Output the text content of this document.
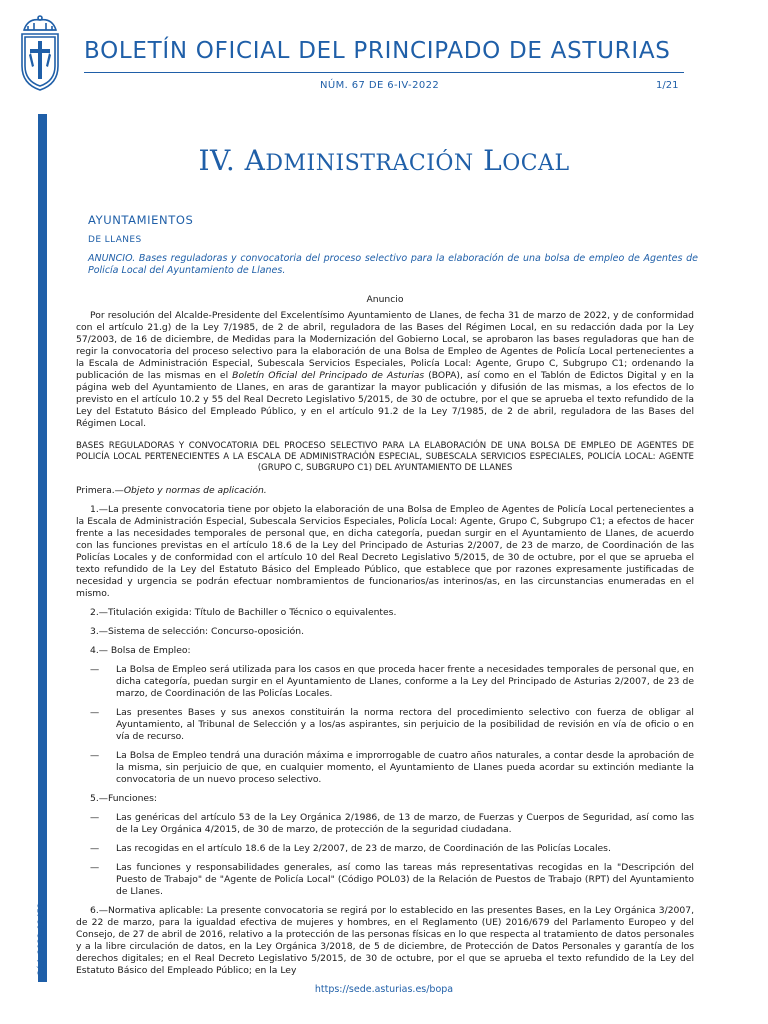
BOLETÍN OFICIAL DEL PRINCIPADO DE ASTURIAS
NÚM. 67 DE 6-IV-2022	1/21
Cód. 2022-02452
IV. ADMINISTRACIÓN LOCAL
AYUNTAMIENTOS
DE LLANES
ANUNCIO. Bases reguladoras y convocatoria del proceso selectivo para la elaboración de una bolsa de empleo de Agentes de Policía Local del Ayuntamiento de Llanes.

Anuncio

Por resolución del Alcalde-Presidente del Excelentísimo Ayuntamiento de Llanes, de fecha 31 de marzo de 2022, y de conformidad con el artículo 21.g) de la Ley 7/1985, de 2 de abril, reguladora de las Bases del Régimen Local, en su redacción dada por la Ley 57/2003, de 16 de diciembre, de Medidas para la Modernización del Gobierno Local, se aprobaron las bases reguladoras que han de regir la convocatoria del proceso selectivo para la elaboración de una Bolsa de Empleo de Agentes de Policía Local pertenecientes a la Escala de Administración Especial, Subescala Servicios Especiales, Policía Local: Agente, Grupo C, Subgrupo C1; ordenando la publicación de las mismas en el Boletín Oficial del Principado de Asturias (BOPA), así como en el Tablón de Edictos Digital y en la página web del Ayuntamiento de Llanes, en aras de garantizar la mayor publicación y difusión de las mismas, a los efectos de lo previsto en el artículo 10.2 y 55 del Real Decreto Legislativo 5/2015, de 30 de octubre, por el que se aprueba el texto refundido de la Ley del Estatuto Básico del Empleado Público, y en el artículo 91.2 de la Ley 7/1985, de 2 de abril, reguladora de las Bases del Régimen Local.

BASES REGULADORAS Y CONVOCATORIA DEL PROCESO SELECTIVO PARA LA ELABORACIÓN DE UNA BOLSA DE EMPLEO DE AGENTES DE POLICÍA LOCAL PERTENECIENTES A LA ESCALA DE ADMINISTRACIÓN ESPECIAL, SUBESCALA SERVICIOS ESPECIALES, POLICÍA LOCAL: AGENTE (GRUPO C, SUBGRUPO C1) DEL AYUNTAMIENTO DE LLANES

Primera.—Objeto y normas de aplicación.

1.—La presente convocatoria tiene por objeto la elaboración de una Bolsa de Empleo de Agentes de Policía Local pertenecientes a la Escala de Administración Especial, Subescala Servicios Especiales, Policía Local: Agente, Grupo C, Subgrupo C1; a efectos de hacer frente a las necesidades temporales de personal que, en dicha categoría, puedan surgir en el Ayuntamiento de Llanes, de acuerdo con las funciones previstas en el artículo 18.6 de la Ley del Principado de Asturias 2/2007, de 23 de marzo, de Coordinación de las Policías Locales y de conformidad con el artículo 10 del Real Decreto Legislativo 5/2015, de 30 de octubre, por el que se aprueba el texto refundido de la Ley del Estatuto Básico del Empleado Público, que establece que por razones expresamente justificadas de necesidad y urgencia se podrán efectuar nombramientos de funcionarios/as interinos/as, en las circunstancias enumeradas en el mismo.

2.—Titulación exigida: Título de Bachiller o Técnico o equivalentes.

3.—Sistema de selección: Concurso-oposición.

4.— Bolsa de Empleo:

—	La Bolsa de Empleo será utilizada para los casos en que proceda hacer frente a necesidades temporales de personal que, en dicha categoría, puedan surgir en el Ayuntamiento de Llanes, conforme a la Ley del Principado de Asturias 2/2007, de 23 de marzo, de Coordinación de las Policías Locales.

—	Las presentes Bases y sus anexos constituirán la norma rectora del procedimiento selectivo con fuerza de obligar al Ayuntamiento, al Tribunal de Selección y a los/as aspirantes, sin perjuicio de la posibilidad de revisión en vía de oficio o en vía de recurso.

—	La Bolsa de Empleo tendrá una duración máxima e improrrogable de cuatro años naturales, a contar desde la aprobación de la misma, sin perjuicio de que, en cualquier momento, el Ayuntamiento de Llanes pueda acordar su extinción mediante la convocatoria de un nuevo proceso selectivo.

5.—Funciones:

—	Las genéricas del artículo 53 de la Ley Orgánica 2/1986, de 13 de marzo, de Fuerzas y Cuerpos de Seguridad, así como las de la Ley Orgánica 4/2015, de 30 de marzo, de protección de la seguridad ciudadana.

—	Las recogidas en el artículo 18.6 de la Ley 2/2007, de 23 de marzo, de Coordinación de las Policías Locales.

—	Las funciones y responsabilidades generales, así como las tareas más representativas recogidas en la "Descripción del Puesto de Trabajo" de "Agente de Policía Local" (Código POL03) de la Relación de Puestos de Trabajo (RPT) del Ayuntamiento de Llanes.

6.—Normativa aplicable: La presente convocatoria se regirá por lo establecido en las presentes Bases, en la Ley Orgánica 3/2007, de 22 de marzo, para la igualdad efectiva de mujeres y hombres, en el Reglamento (UE) 2016/679 del Parlamento Europeo y del Consejo, de 27 de abril de 2016, relativo a la protección de las personas físicas en lo que respecta al tratamiento de datos personales y a la libre circulación de datos, en la Ley Orgánica 3/2018, de 5 de diciembre, de Protección de Datos Personales y garantía de los derechos digitales; en el Real Decreto Legislativo 5/2015, de 30 de octubre, por el que se aprueba el texto refundido de la Ley del Estatuto Básico del Empleado Público; en la Ley

https://sede.asturias.es/bopa
